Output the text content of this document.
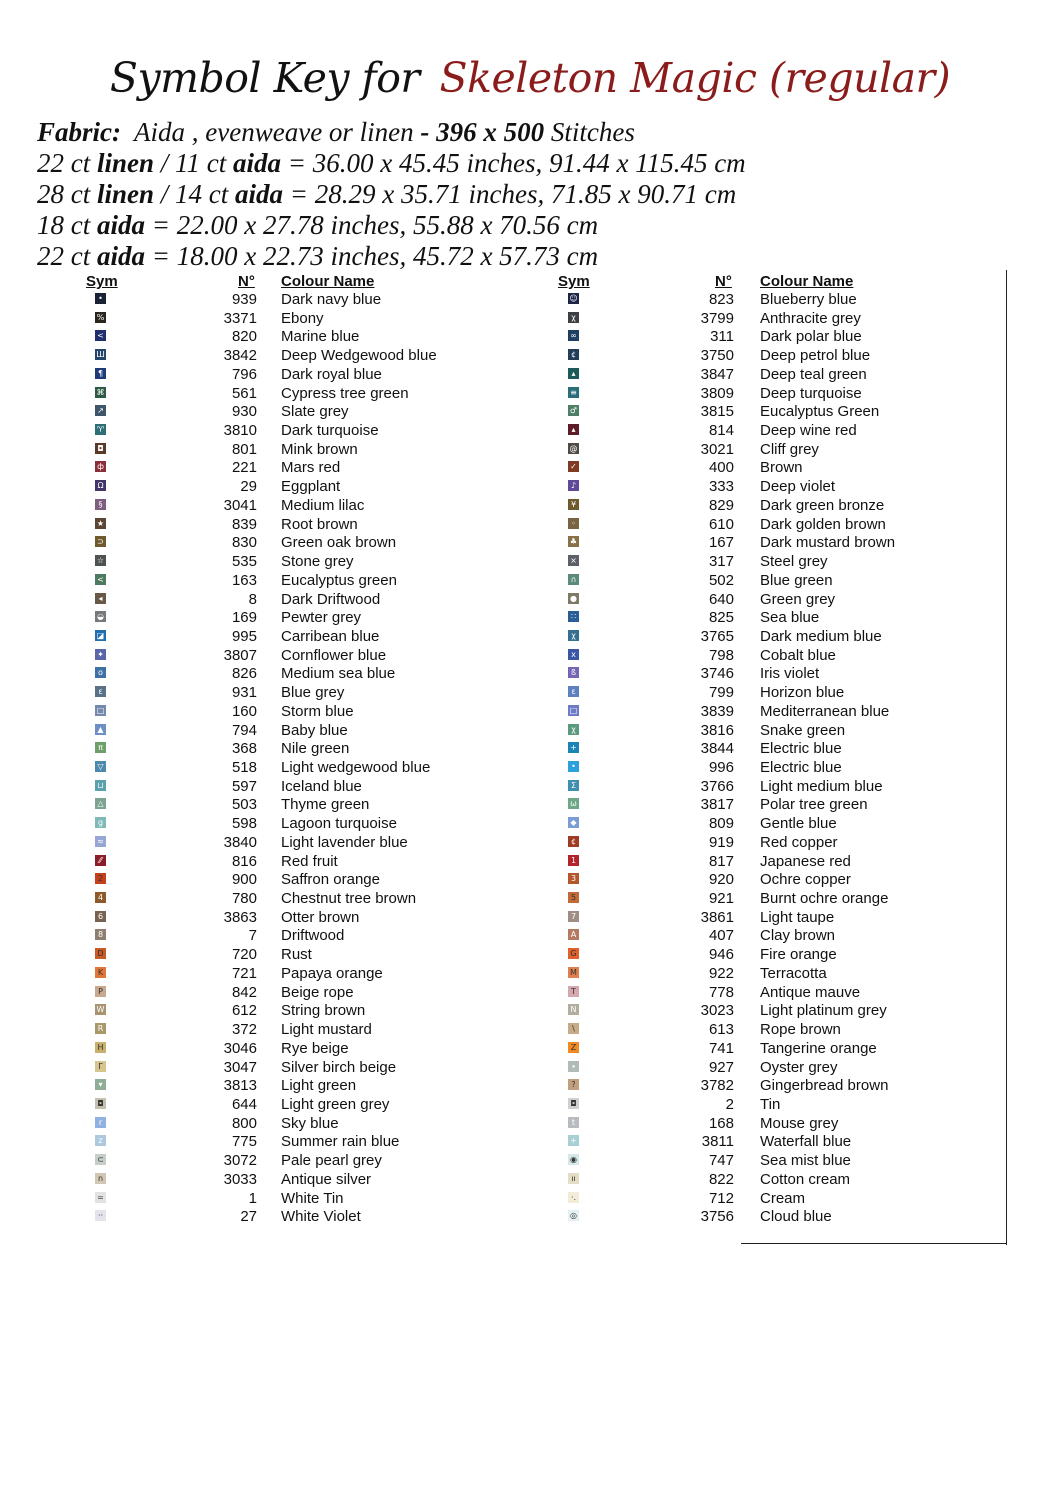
Symbol Key for Skeleton Magic (regular)
Fabric: Aida , evenweave or linen - 396 x 500 Stitches
22 ct linen / 11 ct aida = 36.00 x 45.45 inches, 91.44 x 115.45 cm
28 ct linen / 14 ct aida = 28.29 x 35.71 inches, 71.85 x 90.71 cm
18 ct aida = 22.00 x 27.78 inches, 55.88 x 70.56 cm
22 ct aida = 18.00 x 22.73 inches, 45.72 x 57.73 cm
Sym	N° Colour Name	Sym	N° Colour Name
•	939 Dark navy blue
%	3371 Ebony
<	820 Marine blue
Ш	3842 Deep Wedgewood blue
¶	796 Dark royal blue
⌘	561 Cypress tree green
↗	930 Slate grey
♈	3810 Dark turquoise
◘	801 Mink brown
ф	221 Mars red
Ω	29 Eggplant
§	3041 Medium lilac
★	839 Root brown
⊃	830 Green oak brown
☆	535 Stone grey
<	163 Eucalyptus green
◂	8 Dark Driftwood
◒	169 Pewter grey
◪	995 Carribean blue
✦	3807 Cornflower blue
o	826 Medium sea blue
ε	931 Blue grey
□	160 Storm blue
▲	794 Baby blue
π	368 Nile green
▽	518 Light wedgewood blue
⊔	597 Iceland blue
△	503 Thyme green
g	598 Lagoon turquoise
≈	3840 Light lavender blue
⁄⁄	816 Red fruit
2	900 Saffron orange
4	780 Chestnut tree brown
6	3863 Otter brown
8	7 Driftwood
D	720 Rust
K	721 Papaya orange
P	842 Beige rope
W	612 String brown
R	372 Light mustard
H	3046 Rye beige
Γ	3047 Silver birch beige
▾	3813 Light green
◘	644 Light green grey
r	800 Sky blue
z	775 Summer rain blue
⊂	3072 Pale pearl grey
n	3033 Antique silver
=	1 White Tin
··	27 White Violet
☺	823 Blueberry blue
χ	3799 Anthracite grey
∞	311 Dark polar blue
¢	3750 Deep petrol blue
▴	3847 Deep teal green
≡	3809 Deep turquoise
♂	3815 Eucalyptus Green
▴	814 Deep wine red
@	3021 Cliff grey
✓	400 Brown
♪	333 Deep violet
¥	829 Dark green bronze
◦	610 Dark golden brown
♣	167 Dark mustard brown
×	317 Steel grey
∩	502 Blue green
●	640 Green grey
∷	825 Sea blue
χ	3765 Dark medium blue
x	798 Cobalt blue
ß	3746 Iris violet
ε	799 Horizon blue
□	3839 Mediterranean blue
χ	3816 Snake green
+	3844 Electric blue
•	996 Electric blue
Σ	3766 Light medium blue
ω	3817 Polar tree green
◆	809 Gentle blue
¢	919 Red copper
1	817 Japanese red
3	920 Ochre copper
5	921 Burnt ochre orange
7	3861 Light taupe
A	407 Clay brown
G	946 Fire orange
M	922 Terracotta
T	778 Antique mauve
N	3023 Light platinum grey
\	613 Rope brown
Z	741 Tangerine orange
∙	927 Oyster grey
?	3782 Gingerbread brown
◘	2 Tin
t	168 Mouse grey
+	3811 Waterfall blue
◉	747 Sea mist blue
ıı	822 Cotton cream
·.	712 Cream
◎	3756 Cloud blue
